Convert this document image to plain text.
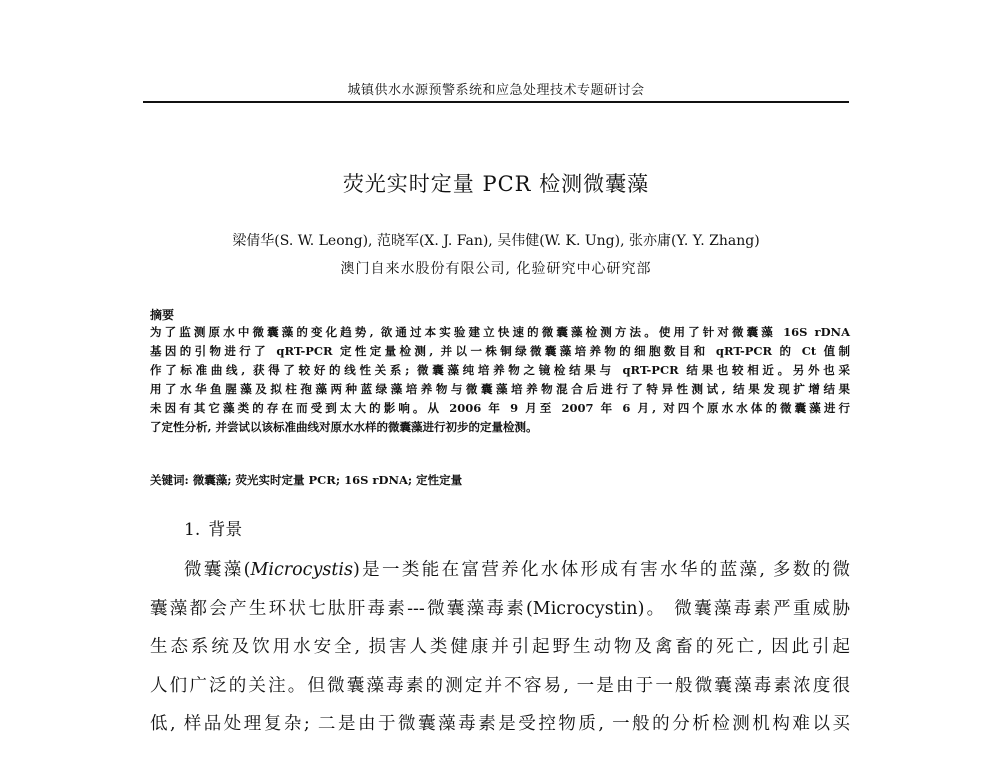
城镇供水水源预警系统和应急处理技术专题研讨会
荧光实时定量 PCR 检测微囊藻
梁倩华(S. W. Leong), 范晓军(X. J. Fan), 吴伟健(W. K. Ung), 张亦庸(Y. Y. Zhang)
澳门自来水股份有限公司, 化验研究中心研究部
摘要
为了监测原水中微囊藻的变化趋势, 欲通过本实验建立快速的微囊藻检测方法。使用了针对微囊藻 16S rDNA
基因的引物进行了 qRT-PCR 定性定量检测, 并以一株铜绿微囊藻培养物的细胞数目和 qRT-PCR 的 Ct 值制
作了标准曲线, 获得了较好的线性关系; 微囊藻纯培养物之镜检结果与 qRT-PCR 结果也较相近。另外也采
用了水华鱼腥藻及拟柱孢藻两种蓝绿藻培养物与微囊藻培养物混合后进行了特异性测试, 结果发现扩增结果
未因有其它藻类的存在而受到太大的影响。从 2006 年 9 月至 2007 年 6 月, 对四个原水水体的微囊藻进行
了定性分析, 并尝试以该标准曲线对原水水样的微囊藻进行初步的定量检测。
关键词: 微囊藻; 荧光实时定量 PCR; 16S rDNA; 定性定量
1. 背景
微囊藻(Microcystis)是一类能在富营养化水体形成有害水华的蓝藻, 多数的微
囊藻都会产生环状七肽肝毒素---微囊藻毒素(Microcystin)。 微囊藻毒素严重威胁
生态系统及饮用水安全, 损害人类健康并引起野生动物及禽畜的死亡, 因此引起
人们广泛的关注。但微囊藻毒素的测定并不容易, 一是由于一般微囊藻毒素浓度很
低, 样品处理复杂; 二是由于微囊藻毒素是受控物质, 一般的分析检测机构难以买
